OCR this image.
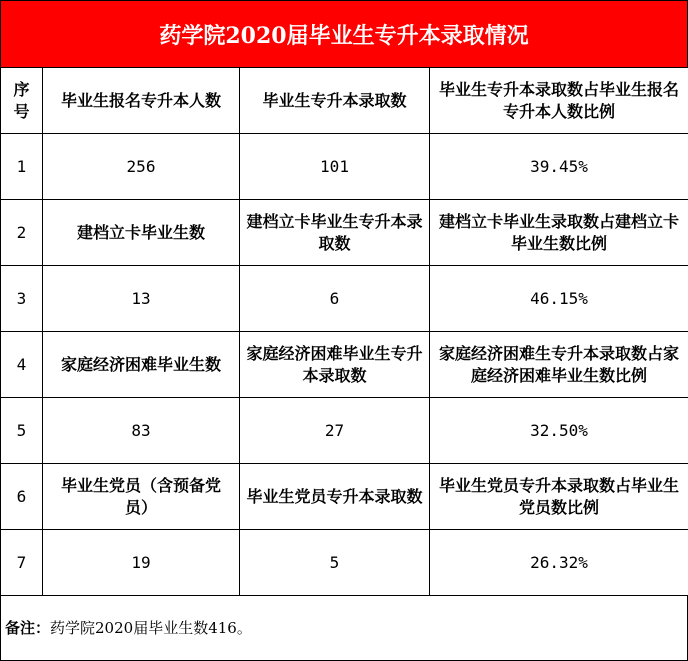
药学院2020届毕业生专升本录取情况
序号	毕业生报名专升本人数	毕业生专升本录取数	毕业生专升本录取数占毕业生报名专升本人数比例
1	256	101	39.45%
2	建档立卡毕业生数	建档立卡毕业生专升本录取数	建档立卡毕业生录取数占建档立卡毕业生数比例
3	13	6	46.15%
4	家庭经济困难毕业生数	家庭经济困难毕业生专升本录取数	家庭经济困难生专升本录取数占家庭经济困难毕业生数比例
5	83	27	32.50%
6	毕业生党员（含预备党员）	毕业生党员专升本录取数	毕业生党员专升本录取数占毕业生党员数比例
7	19	5	26.32%
备注： 药学院2020届毕业生数416。
